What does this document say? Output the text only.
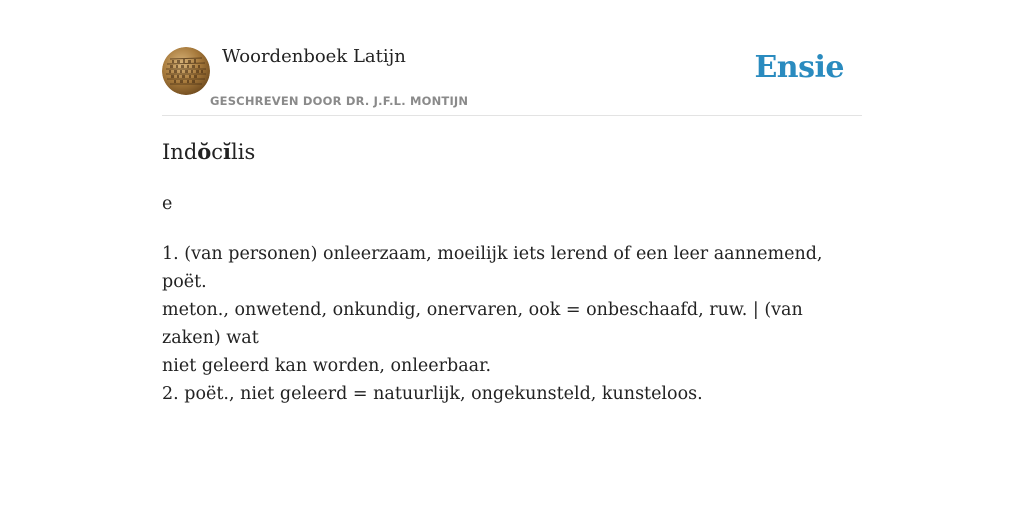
Woordenboek Latijn
GESCHREVEN DOOR DR. J.F.L. MONTIJN
Ensie
Indŏcĭlis
e
1. (van personen) onleerzaam, moeilijk iets lerend of een leer aannemend, poët.
meton., onwetend, onkundig, onervaren, ook = onbeschaafd, ruw. | (van zaken) wat
niet geleerd kan worden, onleerbaar.
2. poët., niet geleerd = natuurlijk, ongekunsteld, kunsteloos.
